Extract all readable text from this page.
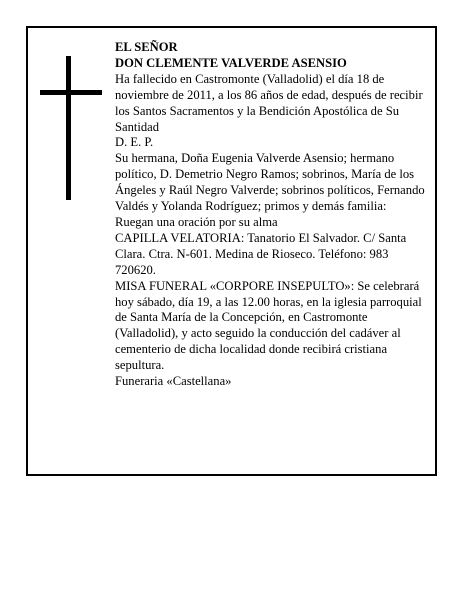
EL SEÑOR

DON CLEMENTE VALVERDE ASENSIO

Ha fallecido en Castromonte (Valladolid) el día 18 de noviembre de 2011, a los 86 años de edad, después de recibir los Santos Sacramentos y la Bendición Apostólica de Su Santidad

D. E. P.

Su hermana, Doña Eugenia Valverde Asensio; hermano político, D. Demetrio Negro Ramos; sobrinos, María de los Ángeles y Raúl Negro Valverde; sobrinos políticos, Fernando Valdés y Yolanda Rodríguez; primos y demás familia:

Ruegan una oración por su alma

CAPILLA VELATORIA: Tanatorio El Salvador. C/ Santa Clara. Ctra. N-601. Medina de Rioseco. Teléfono: 983 720620.

MISA FUNERAL «CORPORE INSEPULTO»: Se celebrará hoy sábado, día 19, a las 12.00 horas, en la iglesia parroquial de Santa María de la Concepción, en Castromonte (Valladolid), y acto seguido la conducción del cadáver al cementerio de dicha localidad donde recibirá cristiana sepultura.

Funeraria «Castellana»
